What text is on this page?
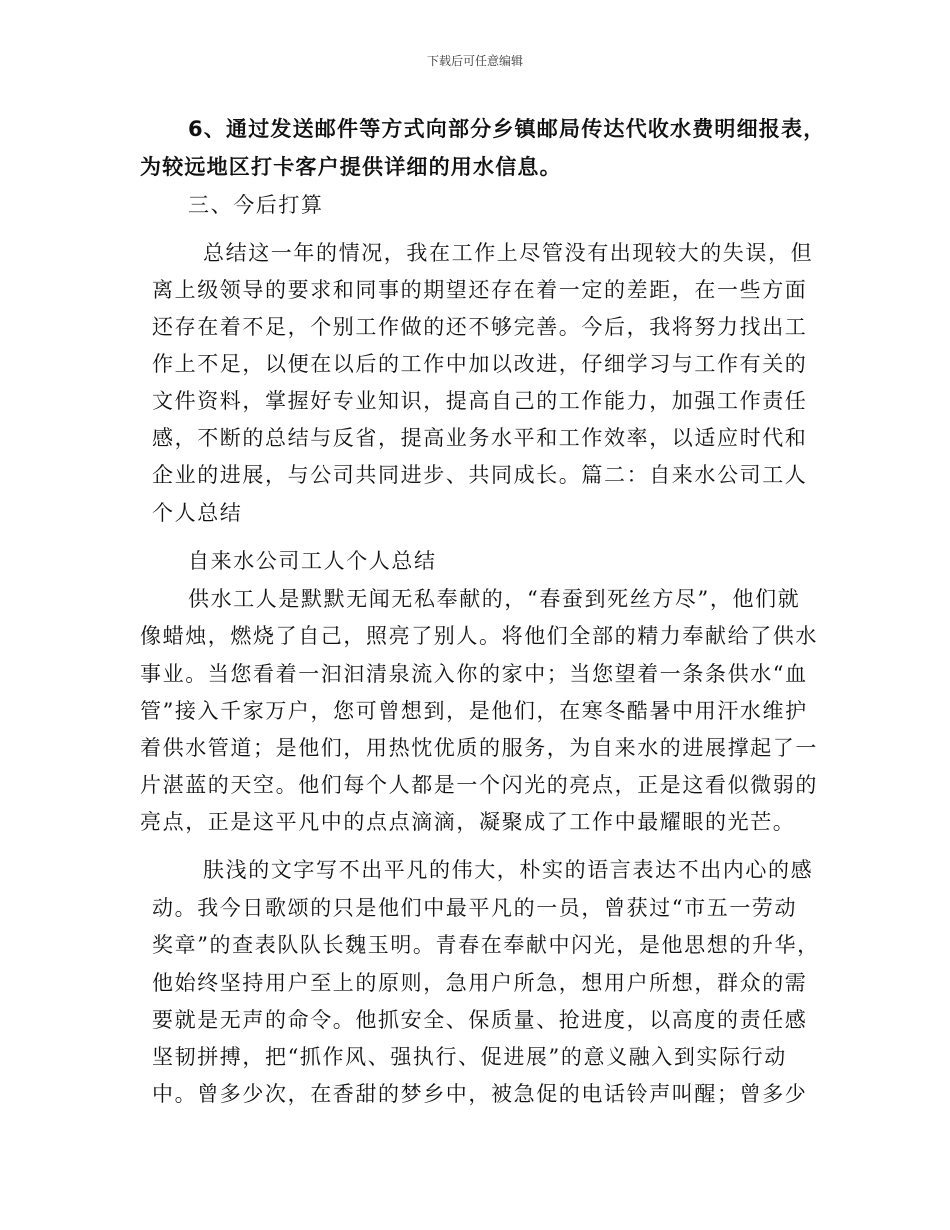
下载后可任意编辑
6、通过发送邮件等方式向部分乡镇邮局传达代收水费明细报表，
为较远地区打卡客户提供详细的用水信息。
三、今后打算
总结这一年的情况，我在工作上尽管没有出现较大的失误，但
离上级领导的要求和同事的期望还存在着一定的差距，在一些方面
还存在着不足，个别工作做的还不够完善。今后，我将努力找出工
作上不足，以便在以后的工作中加以改进，仔细学习与工作有关的
文件资料，掌握好专业知识，提高自己的工作能力，加强工作责任
感，不断的总结与反省，提高业务水平和工作效率，以适应时代和
企业的进展，与公司共同进步、共同成长。篇二：自来水公司工人
个人总结
自来水公司工人个人总结
供水工人是默默无闻无私奉献的，“春蚕到死丝方尽”，他们就
像蜡烛，燃烧了自己，照亮了别人。将他们全部的精力奉献给了供水
事业。当您看着一汩汩清泉流入你的家中；当您望着一条条供水“血
管”接入千家万户，您可曾想到，是他们，在寒冬酷暑中用汗水维护
着供水管道；是他们，用热忱优质的服务，为自来水的进展撑起了一
片湛蓝的天空。他们每个人都是一个闪光的亮点，正是这看似微弱的
亮点，正是这平凡中的点点滴滴，凝聚成了工作中最耀眼的光芒。
肤浅的文字写不出平凡的伟大，朴实的语言表达不出内心的感
动。我今日歌颂的只是他们中最平凡的一员，曾获过“市五一劳动
奖章”的查表队队长魏玉明。青春在奉献中闪光，是他思想的升华，
他始终坚持用户至上的原则，急用户所急，想用户所想，群众的需
要就是无声的命令。他抓安全、保质量、抢进度，以高度的责任感
坚韧拼搏，把“抓作风、强执行、促进展”的意义融入到实际行动
中。曾多少次，在香甜的梦乡中，被急促的电话铃声叫醒；曾多少
